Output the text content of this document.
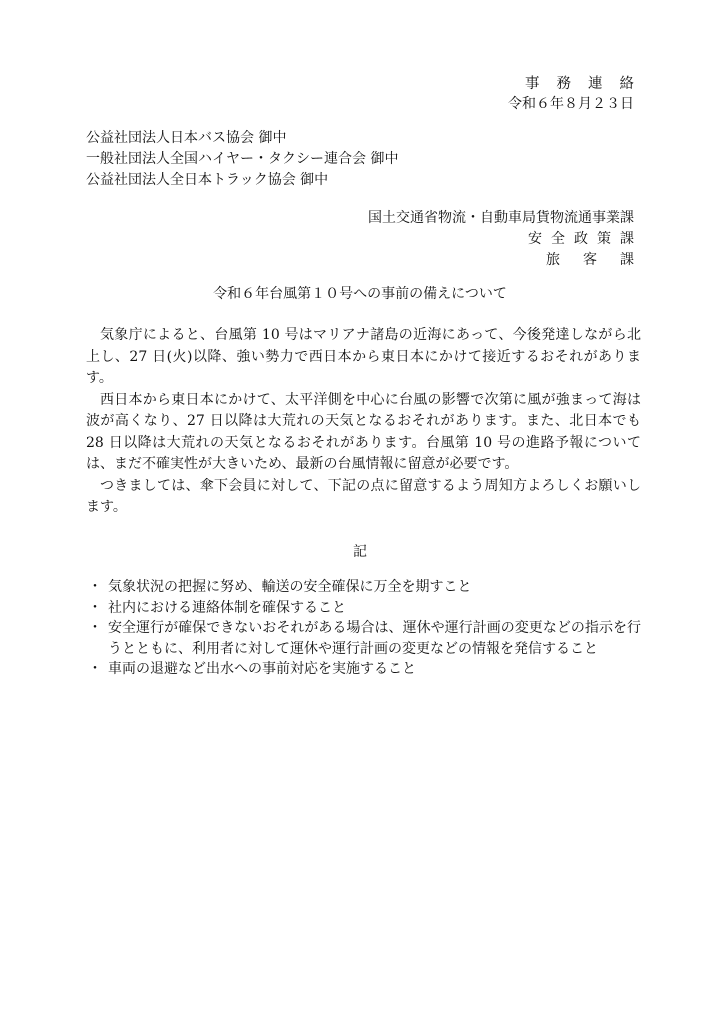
事務連絡
令和６年８月２３日
公益社団法人日本バス協会 御中
一般社団法人全国ハイヤー・タクシー連合会 御中
公益社団法人全日本トラック協会 御中
国土交通省物流・自動車局貨物流通事業課
安全政策課
旅客課
令和６年台風第１０号への事前の備えについて

気象庁によると、台風第 10 号はマリアナ諸島の近海にあって、今後発達しながら北上し、27 日(火)以降、強い勢力で西日本から東日本にかけて接近するおそれがあります。

西日本から東日本にかけて、太平洋側を中心に台風の影響で次第に風が強まって海は波が高くなり、27 日以降は大荒れの天気となるおそれがあります。また、北日本でも 28 日以降は大荒れの天気となるおそれがあります。台風第 10 号の進路予報については、まだ不確実性が大きいため、最新の台風情報に留意が必要です。

つきましては、傘下会員に対して、下記の点に留意するよう周知方よろしくお願いします。

記
・ 気象状況の把握に努め、輸送の安全確保に万全を期すこと
・ 社内における連絡体制を確保すること
・ 安全運行が確保できないおそれがある場合は、運休や運行計画の変更などの指示を行うとともに、利用者に対して運休や運行計画の変更などの情報を発信すること
・ 車両の退避など出水への事前対応を実施すること
